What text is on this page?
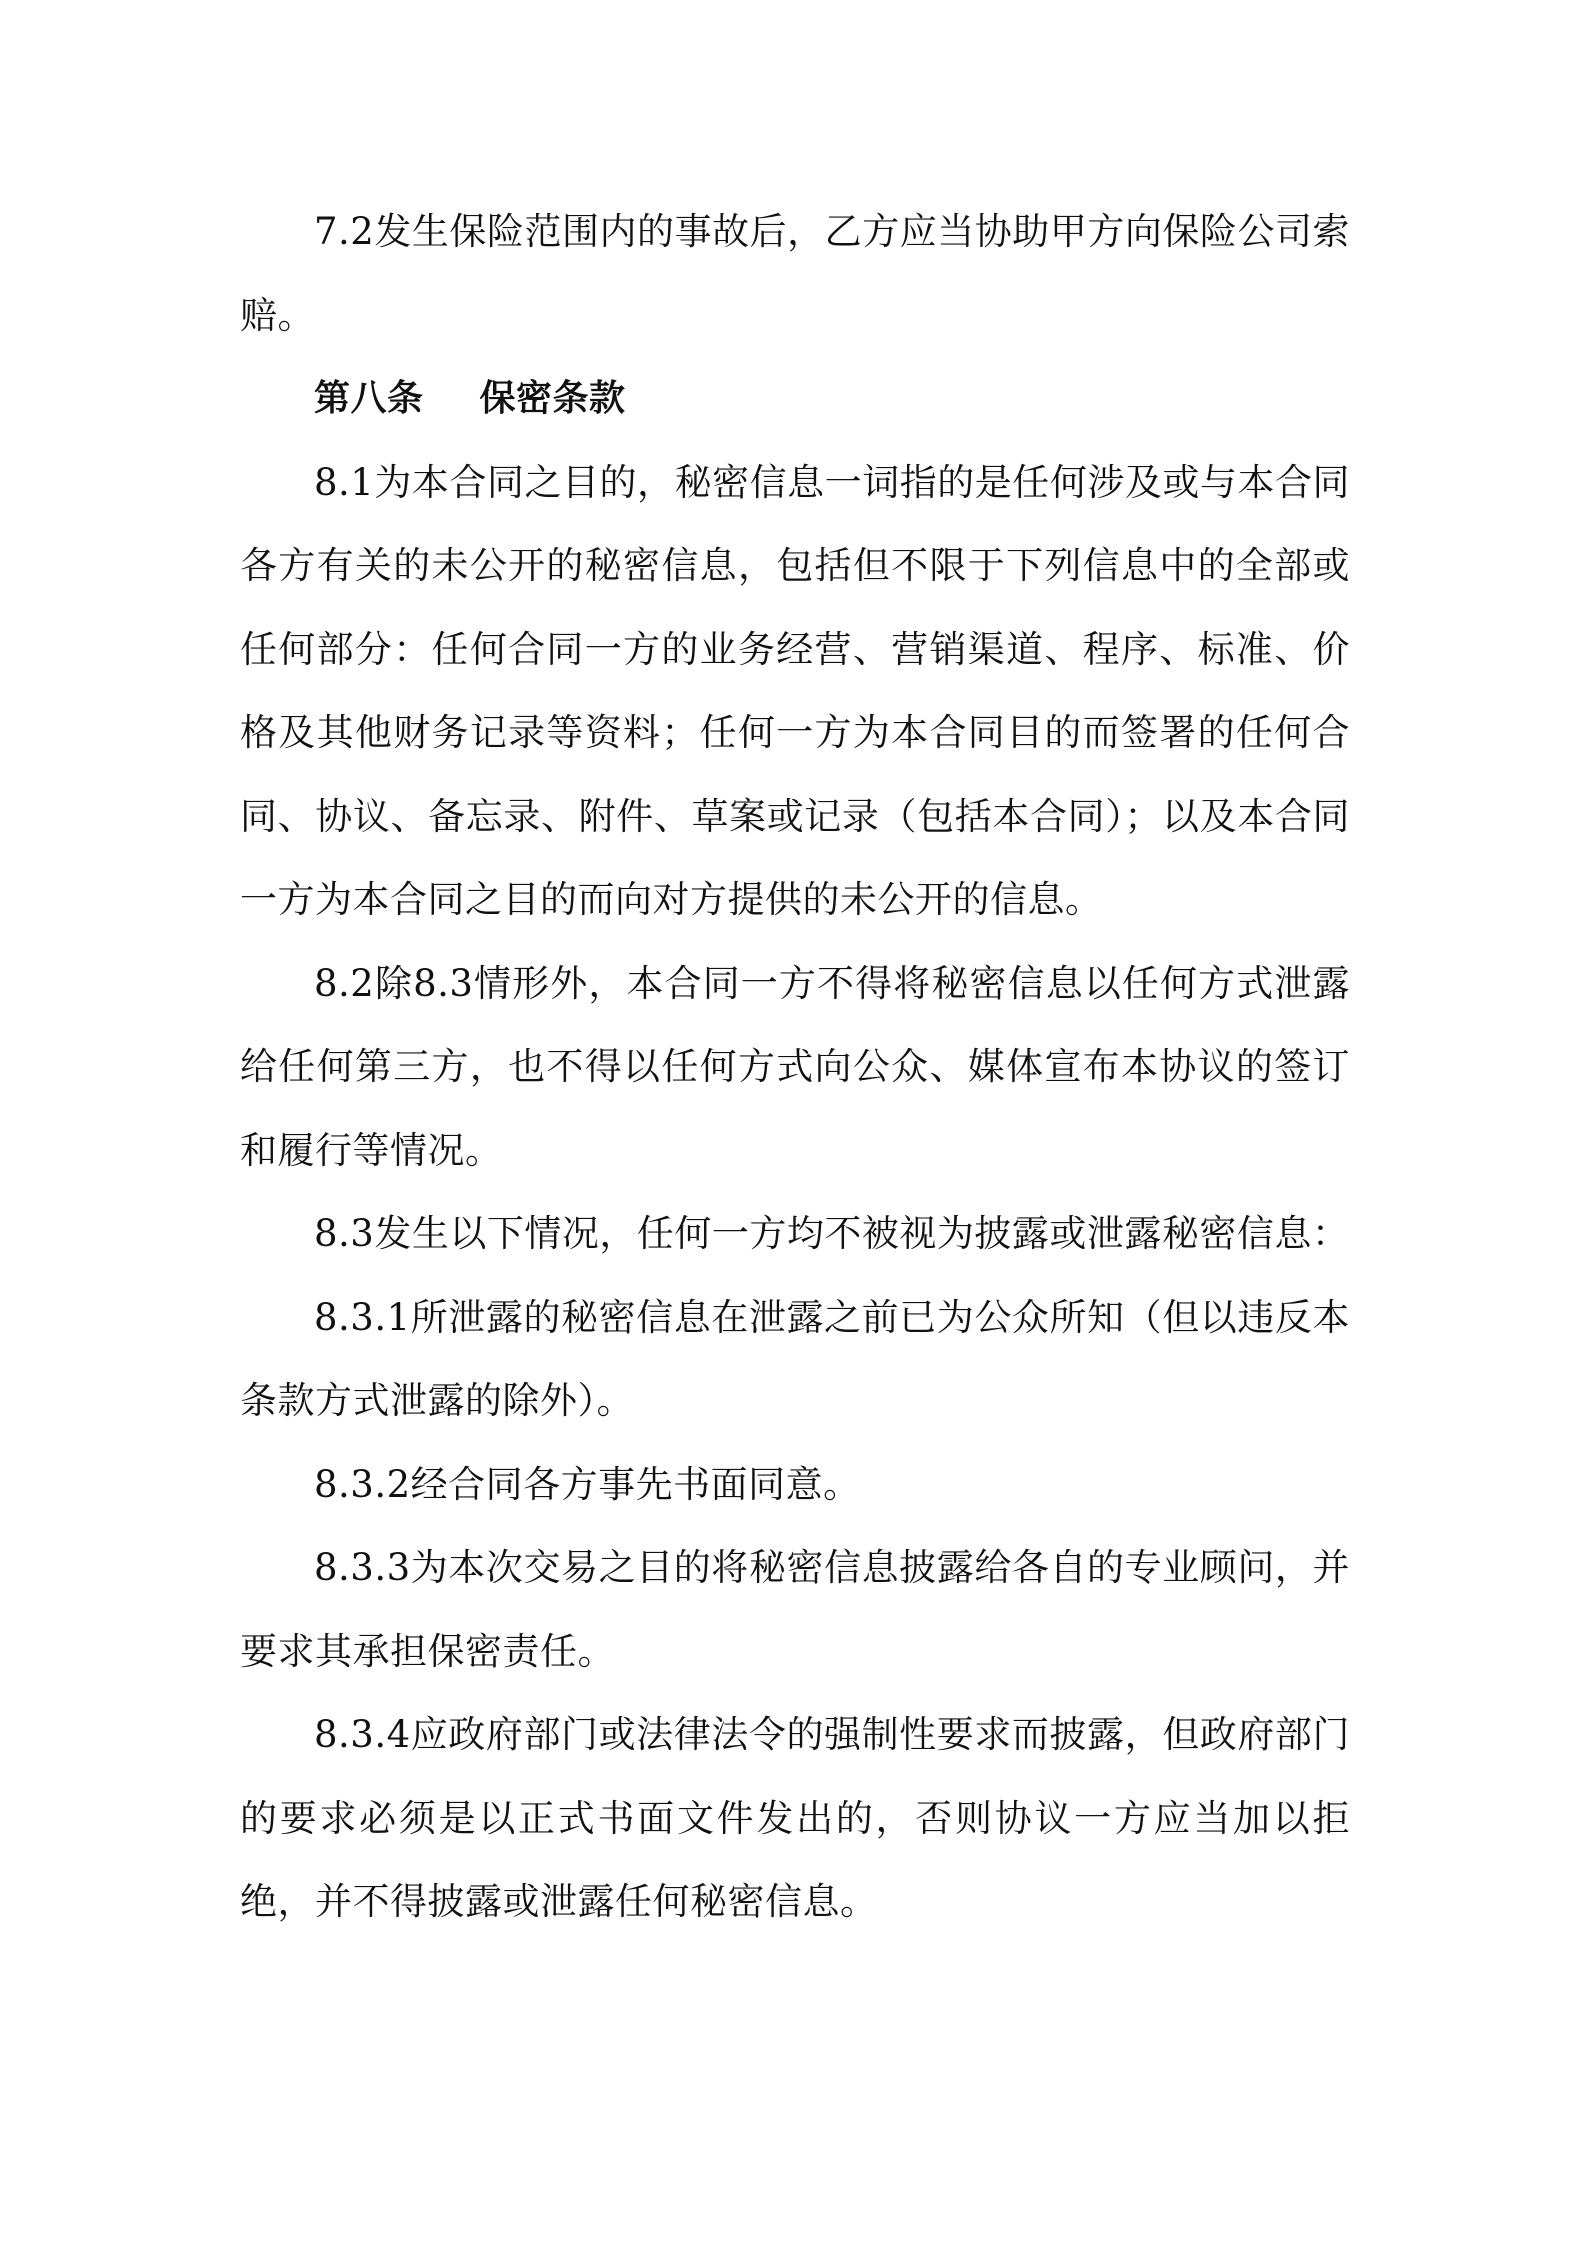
7.2发生保险范围内的事故后，乙方应当协助甲方向保险公司索赔。

第八条 保密条款

8.1为本合同之目的，秘密信息一词指的是任何涉及或与本合同各方有关的未公开的秘密信息，包括但不限于下列信息中的全部或任何部分：任何合同一方的业务经营、营销渠道、程序、标准、价格及其他财务记录等资料；任何一方为本合同目的而签署的任何合同、协议、备忘录、附件、草案或记录（包括本合同）；以及本合同一方为本合同之目的而向对方提供的未公开的信息。

8.2除8.3情形外，本合同一方不得将秘密信息以任何方式泄露给任何第三方，也不得以任何方式向公众、媒体宣布本协议的签订和履行等情况。

8.3发生以下情况，任何一方均不被视为披露或泄露秘密信息：

8.3.1所泄露的秘密信息在泄露之前已为公众所知（但以违反本条款方式泄露的除外）。

8.3.2经合同各方事先书面同意。

8.3.3为本次交易之目的将秘密信息披露给各自的专业顾问，并要求其承担保密责任。

8.3.4应政府部门或法律法令的强制性要求而披露，但政府部门的要求必须是以正式书面文件发出的，否则协议一方应当加以拒绝，并不得披露或泄露任何秘密信息。
